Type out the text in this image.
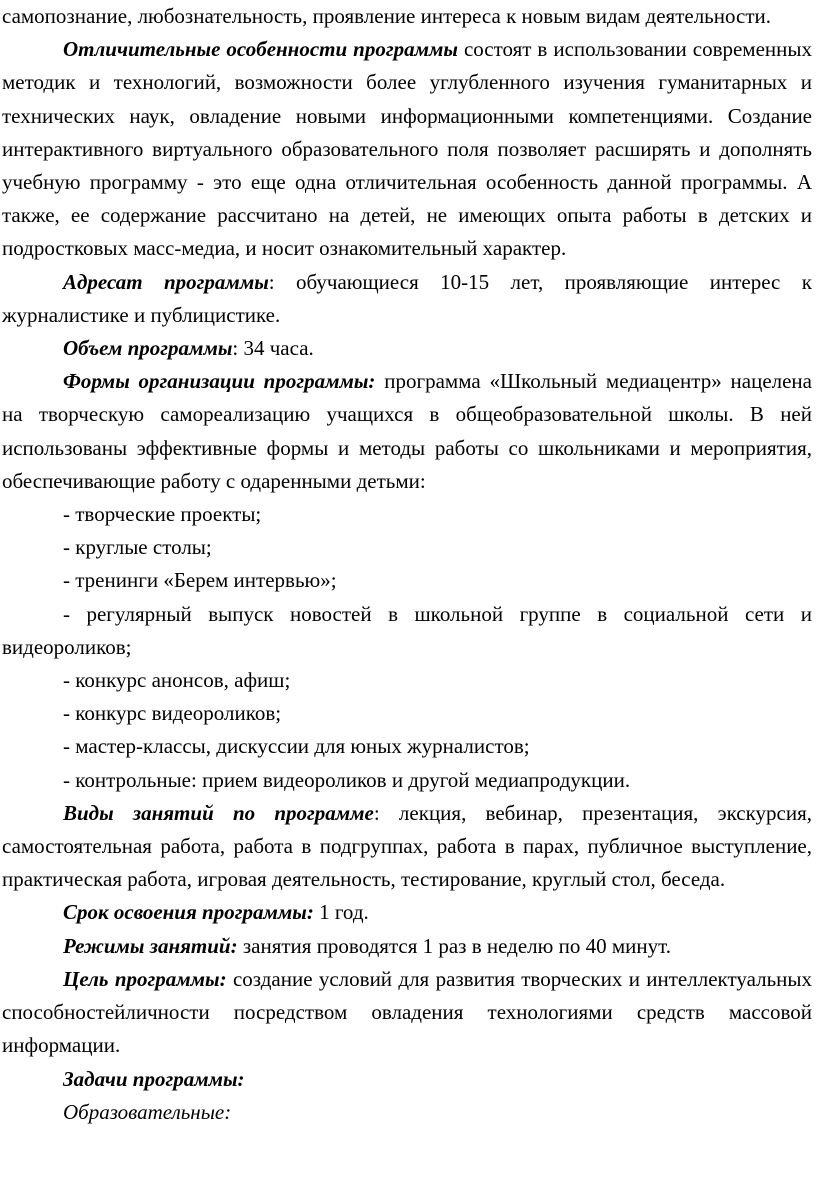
самопознание, любознательность, проявление интереса к новым видам деятельности.

Отличительные особенности программы состоят в использовании современных методик и технологий, возможности более углубленного изучения гуманитарных и технических наук, овладение новыми информационными компетенциями. Создание интерактивного виртуального образовательного поля позволяет расширять и дополнять учебную программу - это еще одна отличительная особенность данной программы. А также, ее содержание рассчитано на детей, не имеющих опыта работы в детских и подростковых масс-медиа, и носит ознакомительный характер.

Адресат программы: обучающиеся 10-15 лет, проявляющие интерес к журналистике и публицистике.

Объем программы: 34 часа.

Формы организации программы: программа «Школьный медиацентр» нацелена на творческую самореализацию учащихся в общеобразовательной школы. В ней использованы эффективные формы и методы работы со школьниками и мероприятия, обеспечивающие работу с одаренными детьми:

- творческие проекты;

- круглые столы;

- тренинги «Берем интервью»;

- регулярный выпуск новостей в школьной группе в социальной сети и видеороликов;

- конкурс анонсов, афиш;

- конкурс видеороликов;

- мастер-классы, дискуссии для юных журналистов;

- контрольные: прием видеороликов и другой медиапродукции.

Виды занятий по программе: лекция, вебинар, презентация, экскурсия, самостоятельная работа, работа в подгруппах, работа в парах, публичное выступление, практическая работа, игровая деятельность, тестирование, круглый стол, беседа.

Срок освоения программы: 1 год.

Режимы занятий: занятия проводятся 1 раз в неделю по 40 минут.

Цель программы: создание условий для развития творческих и интеллектуальных способностейличности посредством овладения технологиями средств массовой информации.

Задачи программы:

Образовательные:
